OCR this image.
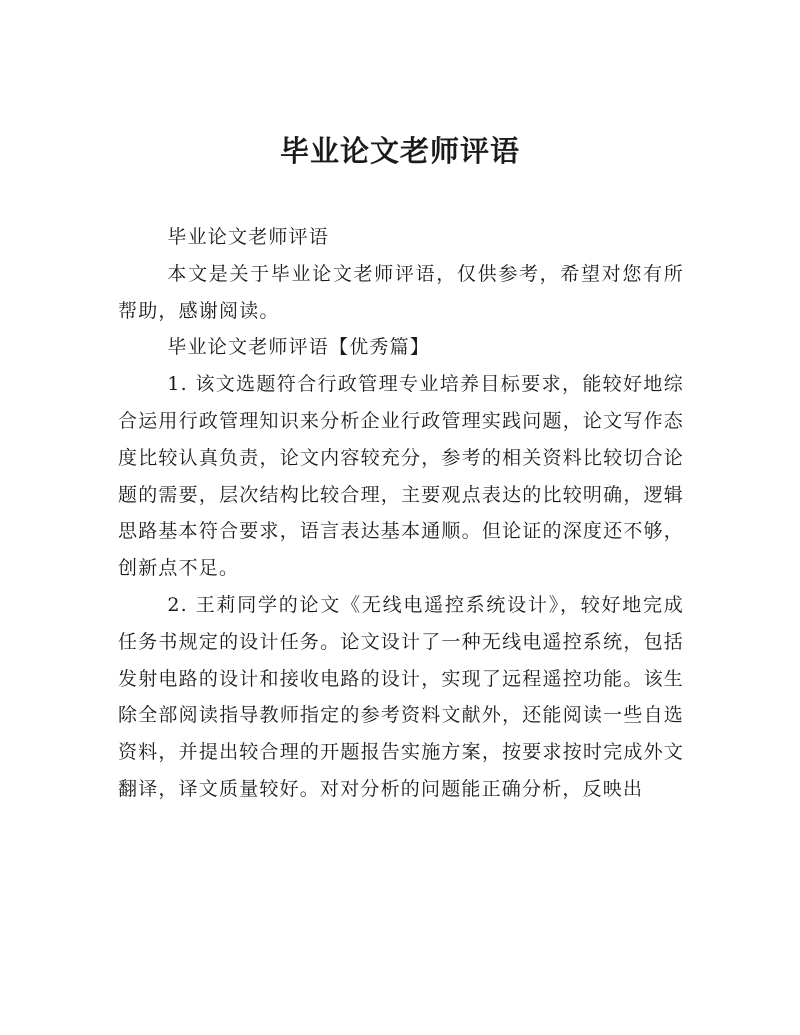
毕业论文老师评语

毕业论文老师评语

本文是关于毕业论文老师评语，仅供参考，希望对您有所帮助，感谢阅读。

毕业论文老师评语【优秀篇】

1. 该文选题符合行政管理专业培养目标要求，能较好地综合运用行政管理知识来分析企业行政管理实践问题，论文写作态度比较认真负责，论文内容较充分，参考的相关资料比较切合论题的需要，层次结构比较合理，主要观点表达的比较明确，逻辑思路基本符合要求，语言表达基本通顺。但论证的深度还不够，创新点不足。

2. 王莉同学的论文《无线电遥控系统设计》，较好地完成任务书规定的设计任务。论文设计了一种无线电遥控系统，包括发射电路的设计和接收电路的设计，实现了远程遥控功能。该生除全部阅读指导教师指定的参考资料文献外，还能阅读一些自选资料，并提出较合理的开题报告实施方案，按要求按时完成外文翻译，译文质量较好。对对分析的问题能正确分析，反映出
